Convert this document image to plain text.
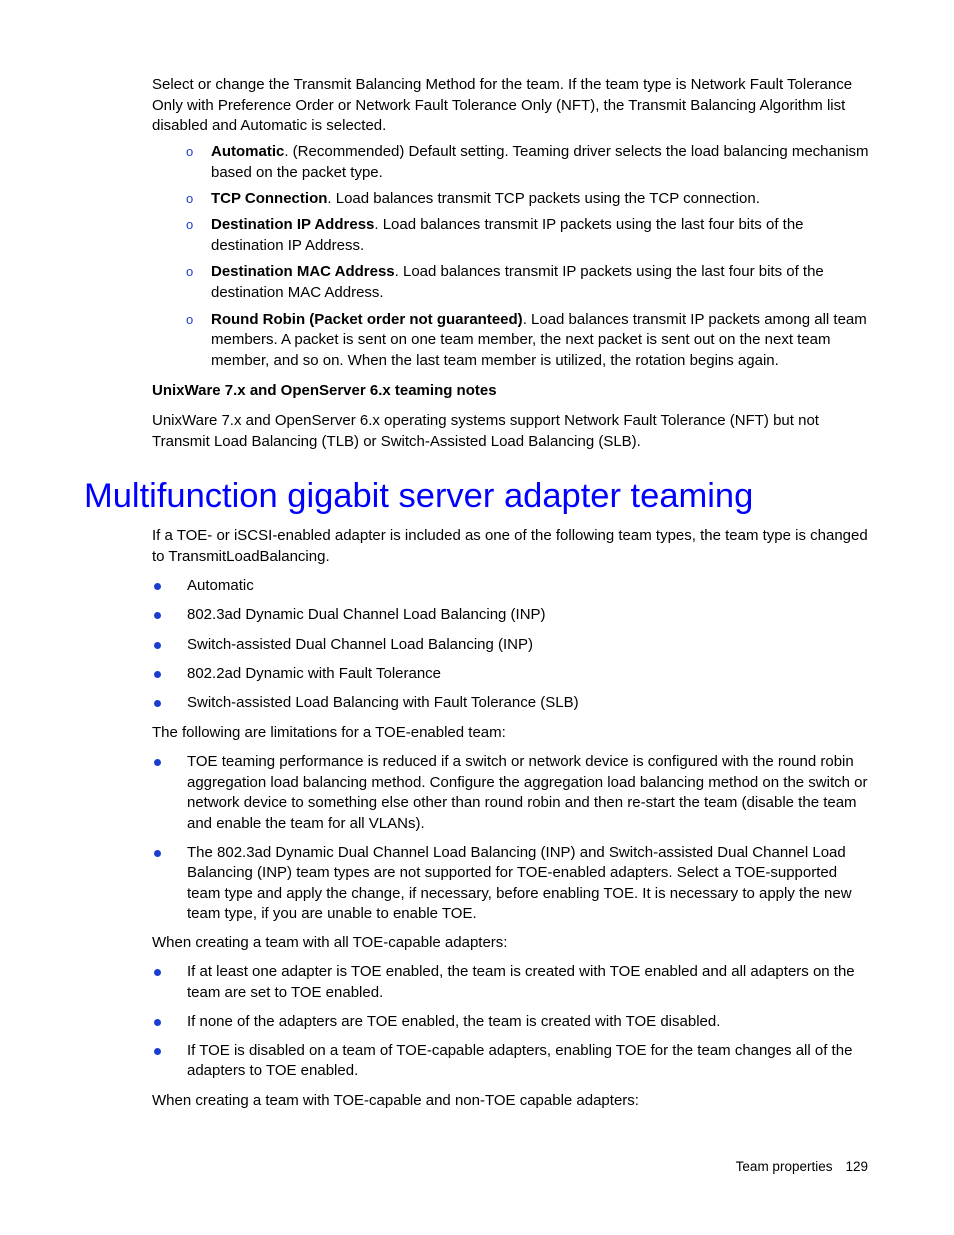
Select or change the Transmit Balancing Method for the team. If the team type is Network Fault Tolerance Only with Preference Order or Network Fault Tolerance Only (NFT), the Transmit Balancing Algorithm list disabled and Automatic is selected.

o Automatic. (Recommended) Default setting. Teaming driver selects the load balancing mechanism based on the packet type.
o TCP Connection. Load balances transmit TCP packets using the TCP connection.
o Destination IP Address. Load balances transmit IP packets using the last four bits of the destination IP Address.
o Destination MAC Address. Load balances transmit IP packets using the last four bits of the destination MAC Address.
o Round Robin (Packet order not guaranteed). Load balances transmit IP packets among all team members. A packet is sent on one team member, the next packet is sent out on the next team member, and so on. When the last team member is utilized, the rotation begins again.
UnixWare 7.x and OpenServer 6.x teaming notes

UnixWare 7.x and OpenServer 6.x operating systems support Network Fault Tolerance (NFT) but not Transmit Load Balancing (TLB) or Switch-Assisted Load Balancing (SLB).

Multifunction gigabit server adapter teaming

If a TOE- or iSCSI-enabled adapter is included as one of the following team types, the team type is changed to TransmitLoadBalancing.

Automatic
802.3ad Dynamic Dual Channel Load Balancing (INP)
Switch-assisted Dual Channel Load Balancing (INP)
802.2ad Dynamic with Fault Tolerance
Switch-assisted Load Balancing with Fault Tolerance (SLB)

The following are limitations for a TOE-enabled team:

TOE teaming performance is reduced if a switch or network device is configured with the round robin aggregation load balancing method. Configure the aggregation load balancing method on the switch or network device to something else other than round robin and then re-start the team (disable the team and enable the team for all VLANs).
The 802.3ad Dynamic Dual Channel Load Balancing (INP) and Switch-assisted Dual Channel Load Balancing (INP) team types are not supported for TOE-enabled adapters. Select a TOE-supported team type and apply the change, if necessary, before enabling TOE. It is necessary to apply the new team type, if you are unable to enable TOE.

When creating a team with all TOE-capable adapters:

If at least one adapter is TOE enabled, the team is created with TOE enabled and all adapters on the team are set to TOE enabled.
If none of the adapters are TOE enabled, the team is created with TOE disabled.
If TOE is disabled on a team of TOE-capable adapters, enabling TOE for the team changes all of the adapters to TOE enabled.

When creating a team with TOE-capable and non-TOE capable adapters:

Team properties 129
